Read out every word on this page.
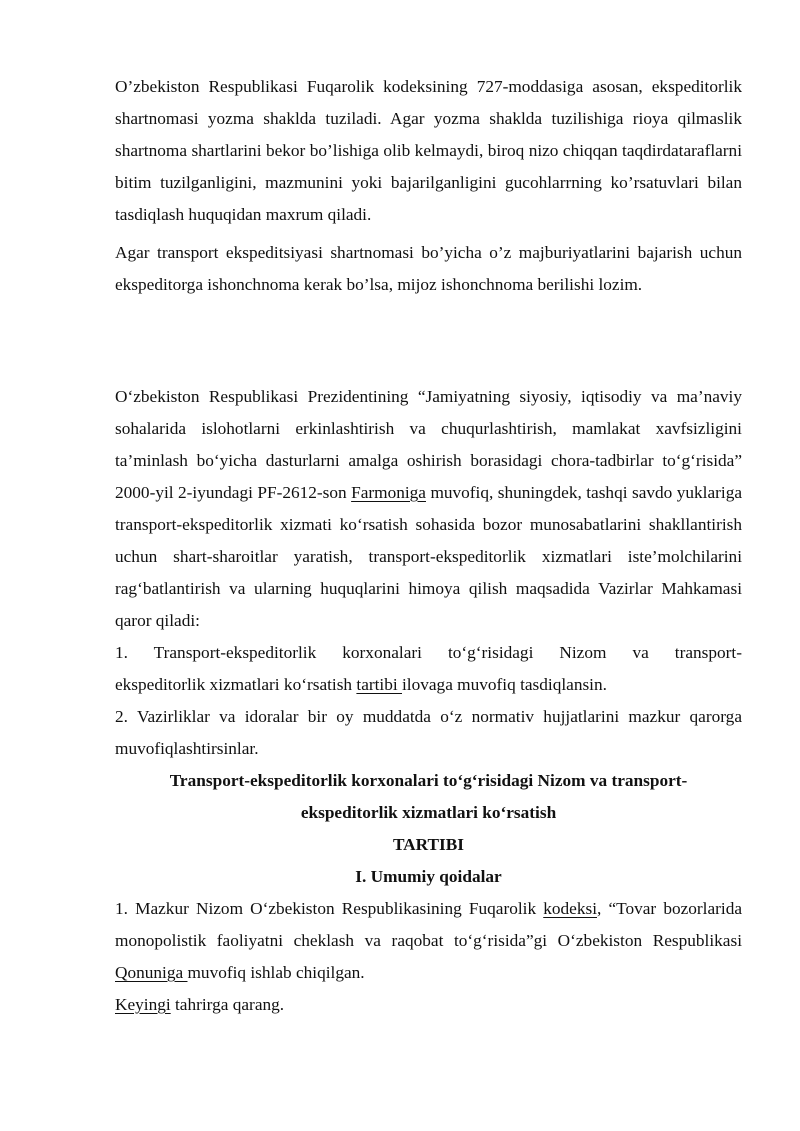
O’zbekiston Respublikasi Fuqarolik kodeksining 727-moddasiga asosan, ekspeditorlik shartnomasi yozma shaklda tuziladi. Agar yozma shaklda tuzilishiga rioya qilmaslik shartnoma shartlarini bekor bo’lishiga olib kelmaydi, biroq nizo chiqqan taqdirdataraflarni bitim tuzilganligini, mazmunini yoki bajarilganligini gucohlarrning ko’rsatuvlari bilan tasdiqlash huquqidan maxrum qiladi.

Agar transport ekspeditsiyasi shartnomasi bo’yicha o’z majburiyatlarini bajarish uchun ekspeditorga ishonchnoma kerak bo’lsa, mijoz ishonchnoma berilishi lozim.

O‘zbekiston Respublikasi Prezidentining “Jamiyatning siyosiy, iqtisodiy va ma’naviy sohalarida islohotlarni erkinlashtirish va chuqurlashtirish, mamlakat xavfsizligini ta’minlash bo‘yicha dasturlarni amalga oshirish borasidagi chora-tadbirlar to‘g‘risida” 2000-yil 2-iyundagi PF-2612-son Farmoniga muvofiq, shuningdek, tashqi savdo yuklariga transport-ekspeditorlik xizmati ko‘rsatish sohasida bozor munosabatlarini shakllantirish uchun shart-sharoitlar yaratish, transport-ekspeditorlik xizmatlari iste’molchilarini rag‘batlantirish va ularning huquqlarini himoya qilish maqsadida Vazirlar Mahkamasi qaror qiladi:

1. Transport-ekspeditorlik korxonalari to‘g‘risidagi Nizom va transport-

ekspeditorlik xizmatlari ko‘rsatish tartibi ilovaga muvofiq tasdiqlansin.

2. Vazirliklar va idoralar bir oy muddatda o‘z normativ hujjatlarini mazkur qarorga muvofiqlashtirsinlar.

Transport-ekspeditorlik korxonalari to‘g‘risidagi Nizom va transport-

ekspeditorlik xizmatlari ko‘rsatish

TARTIBI

I. Umumiy qoidalar

1. Mazkur Nizom O‘zbekiston Respublikasining Fuqarolik kodeksi, “Tovar bozorlarida monopolistik faoliyatni cheklash va raqobat to‘g‘risida”gi O‘zbekiston Respublikasi Qonuniga muvofiq ishlab chiqilgan.

Keyingi tahrirga qarang.
